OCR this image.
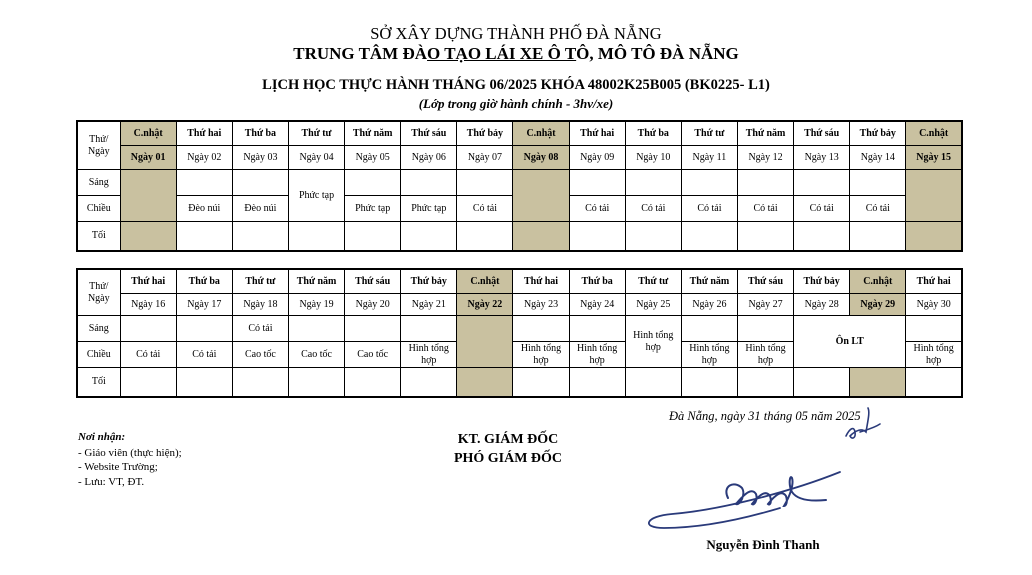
SỞ XÂY DỰNG THÀNH PHỐ ĐÀ NẴNG
TRUNG TÂM ĐÀO TẠO LÁI XE Ô TÔ, MÔ TÔ ĐÀ NẴNG
LỊCH HỌC THỰC HÀNH THÁNG 06/2025 KHÓA 48002K25B005 (BK0225- L1)
(Lớp trong giờ hành chính - 3hv/xe)
Thứ/
Ngày	C.nhật	Thứ hai	Thứ ba	Thứ tư	Thứ năm	Thứ sáu	Thứ bảy	C.nhật	Thứ hai	Thứ ba	Thứ tư	Thứ năm	Thứ sáu	Thứ bảy	C.nhật
	Ngày 01	Ngày 02	Ngày 03	Ngày 04	Ngày 05	Ngày 06	Ngày 07	Ngày 08	Ngày 09	Ngày 10	Ngày 11	Ngày 12	Ngày 13	Ngày 14	Ngày 15
Sáng				Phức tạp											
Chiều		Đèo núi	Đèo núi		Phức tạp	Phức tạp	Có tải		Có tải	Có tải	Có tải	Có tải	Có tải	Có tải	
Tối															
Thứ/
Ngày	Thứ hai	Thứ ba	Thứ tư	Thứ năm	Thứ sáu	Thứ bảy	C.nhật	Thứ hai	Thứ ba	Thứ tư	Thứ năm	Thứ sáu	Thứ bảy	C.nhật	Thứ hai
	Ngày 16	Ngày 17	Ngày 18	Ngày 19	Ngày 20	Ngày 21	Ngày 22	Ngày 23	Ngày 24	Ngày 25	Ngày 26	Ngày 27	Ngày 28	Ngày 29	Ngày 30
Sáng			Có tải							Hình tổng hợp			Ôn LT		
Chiều	Có tải	Có tải	Cao tốc	Cao tốc	Cao tốc	Hình tổng hợp		Hình tổng hợp	Hình tổng hợp		Hình tổng hợp	Hình tổng hợp			Hình tổng hợp
Tối															
Nơi nhận:
- Giáo viên (thực hiện);
- Website Trường;
- Lưu: VT, ĐT.
Đà Nẵng, ngày 31 tháng 05 năm 2025
KT. GIÁM ĐỐC
PHÓ GIÁM ĐỐC
Nguyễn Đình Thanh
